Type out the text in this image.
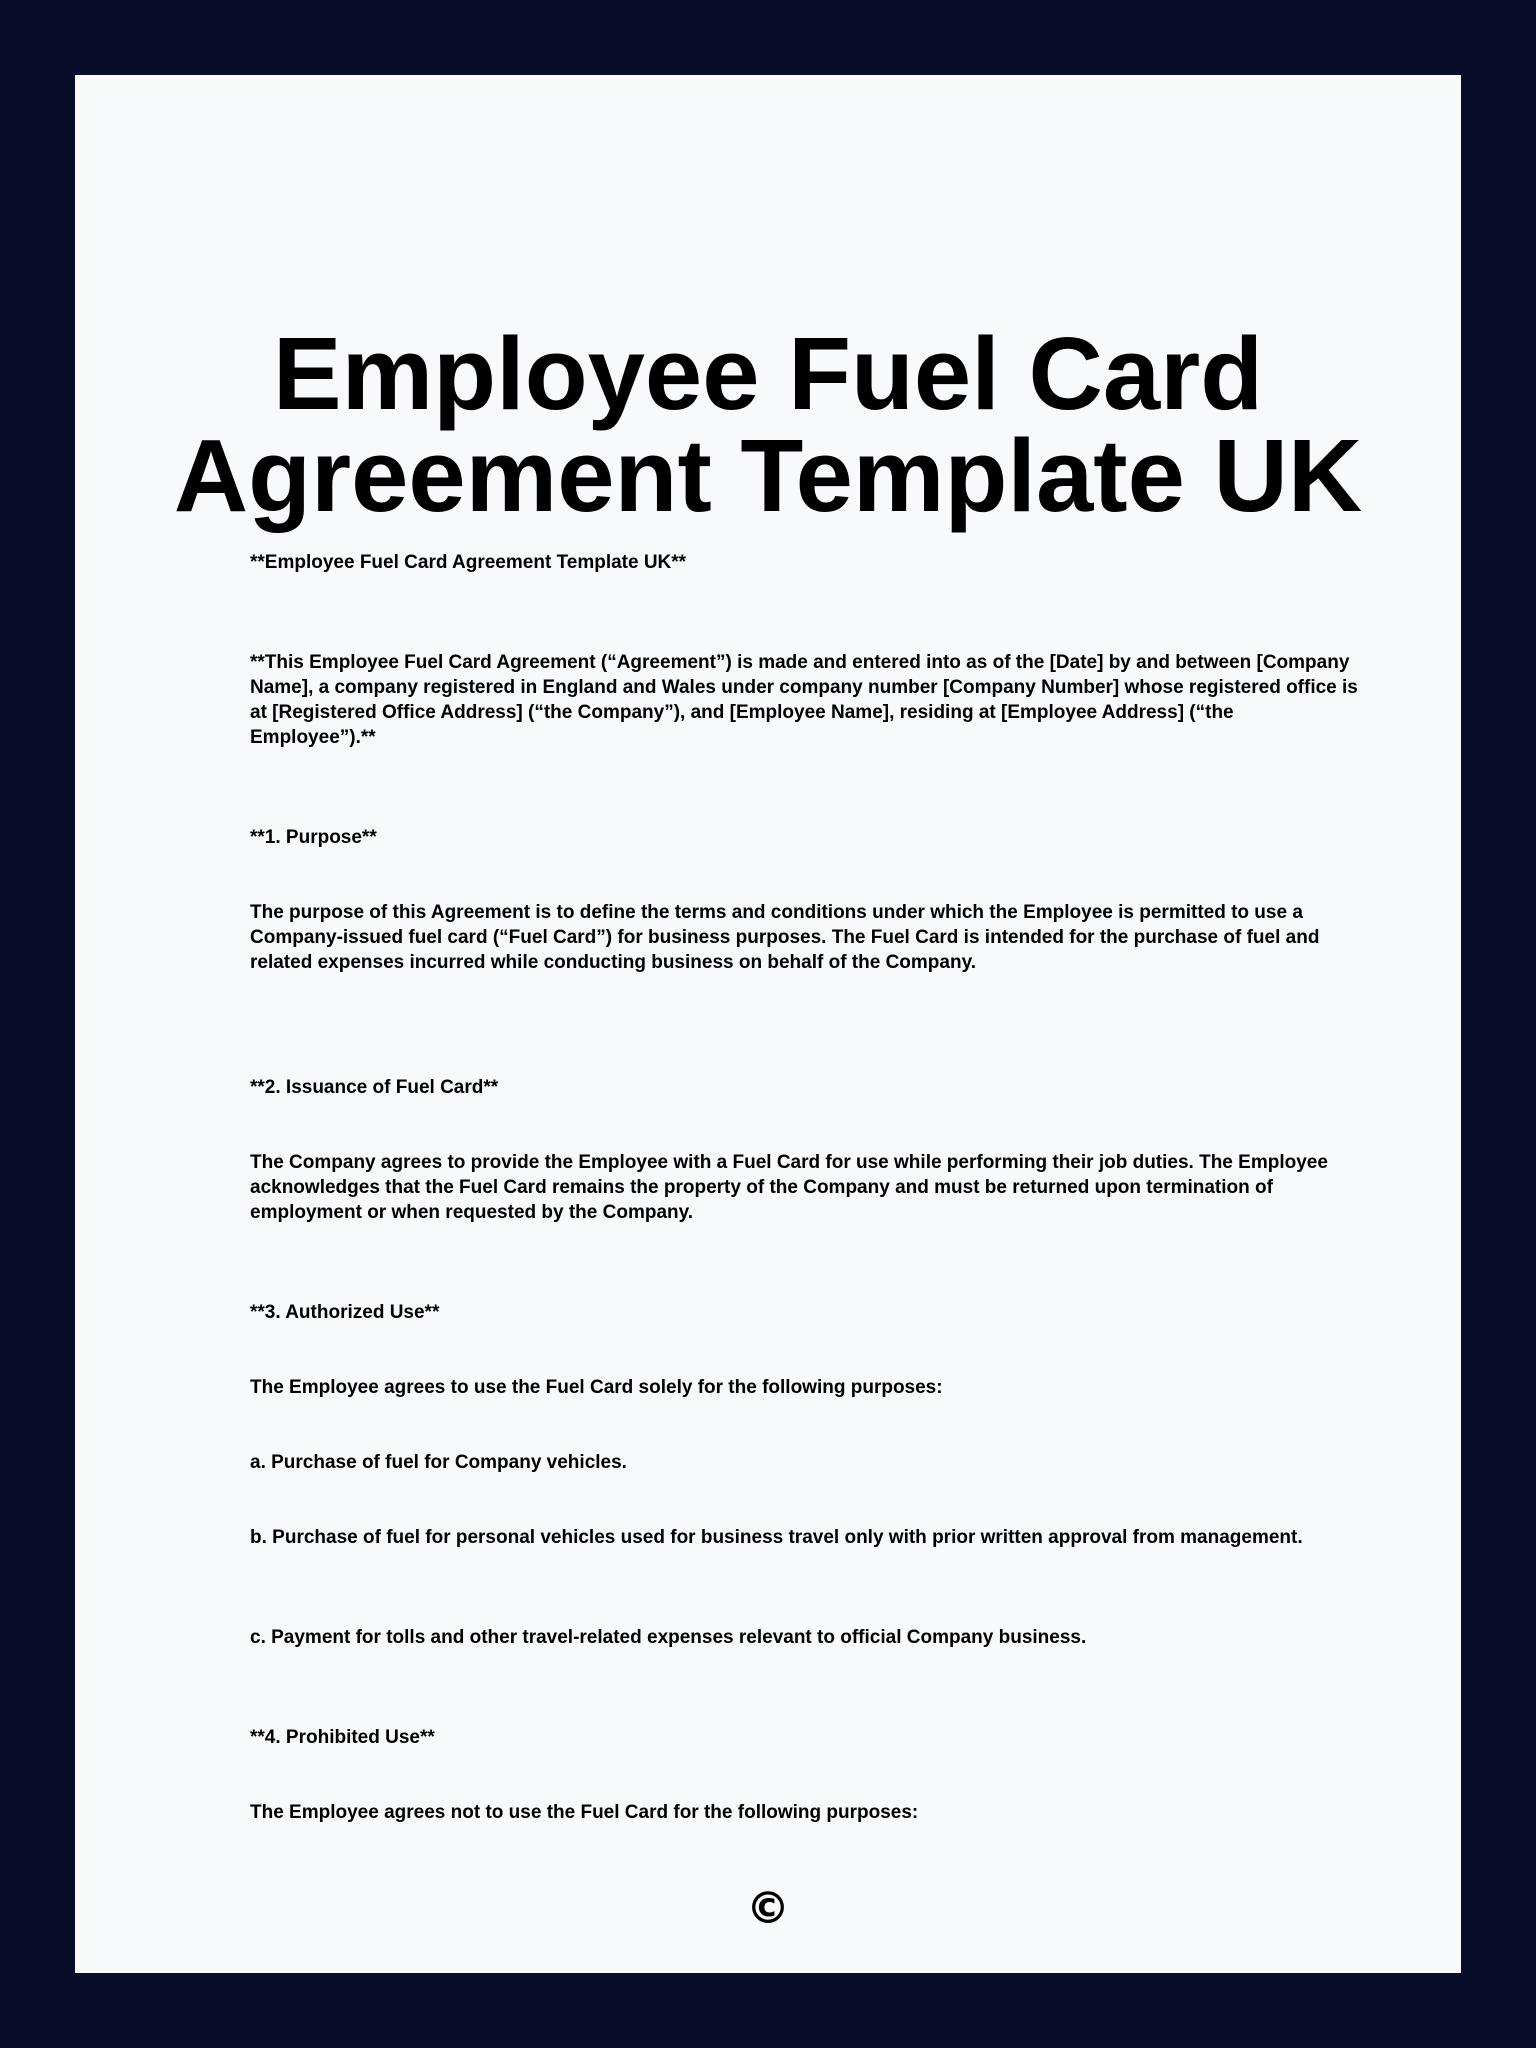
Employee Fuel Card
Agreement Template UK

**Employee Fuel Card Agreement Template UK**

**This Employee Fuel Card Agreement (“Agreement”) is made and entered into as of the [Date] by and between [Company Name], a company registered in England and Wales under company number [Company Number] whose registered office is at [Registered Office Address] (“the Company”), and [Employee Name], residing at [Employee Address] (“the Employee”).**

**1. Purpose**

The purpose of this Agreement is to define the terms and conditions under which the Employee is permitted to use a Company-issued fuel card (“Fuel Card”) for business purposes. The Fuel Card is intended for the purchase of fuel and related expenses incurred while conducting business on behalf of the Company.

**2. Issuance of Fuel Card**

The Company agrees to provide the Employee with a Fuel Card for use while performing their job duties. The Employee acknowledges that the Fuel Card remains the property of the Company and must be returned upon termination of employment or when requested by the Company.

**3. Authorized Use**

The Employee agrees to use the Fuel Card solely for the following purposes:

a. Purchase of fuel for Company vehicles.

b. Purchase of fuel for personal vehicles used for business travel only with prior written approval from management.

c. Payment for tolls and other travel-related expenses relevant to official Company business.

**4. Prohibited Use**

The Employee agrees not to use the Fuel Card for the following purposes:

©
